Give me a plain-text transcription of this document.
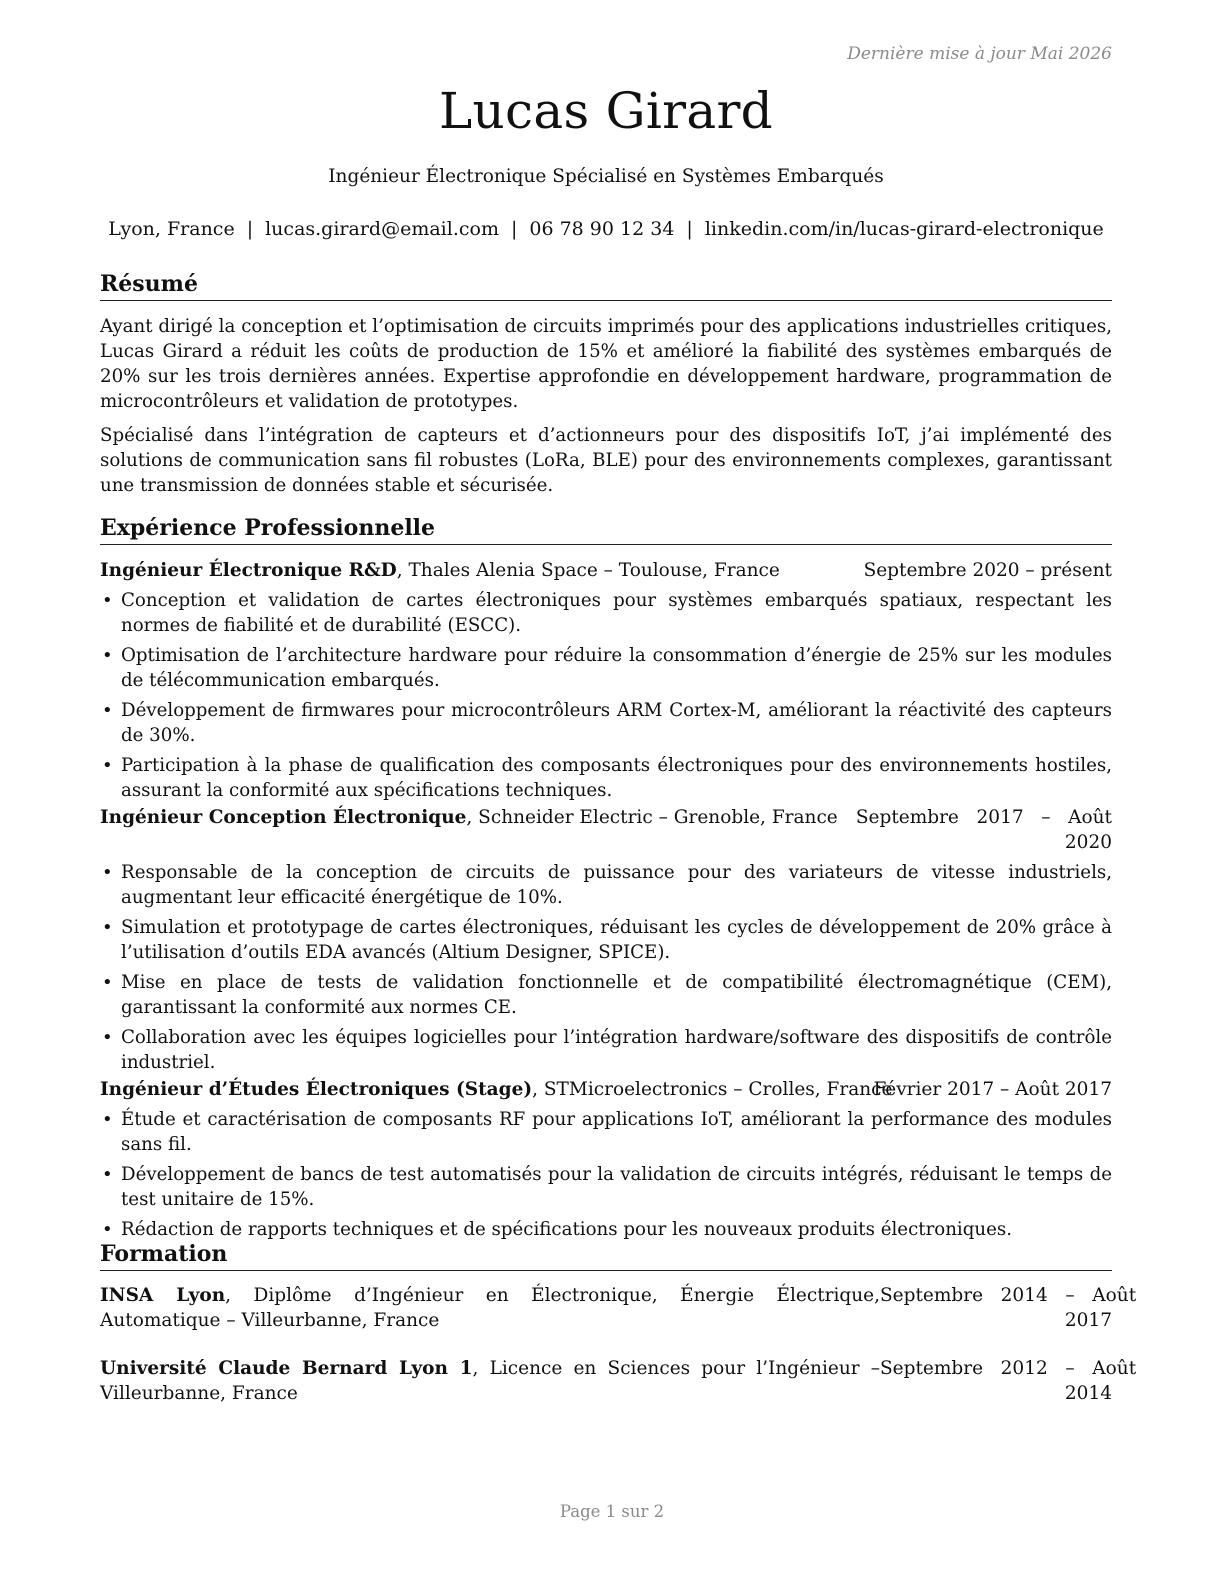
Dernière mise à jour Mai 2026
Lucas Girard
Ingénieur Électronique Spécialisé en Systèmes Embarqués
Lyon, France | lucas.girard@email.com | 06 78 90 12 34 | linkedin.com/in/lucas-girard-electronique
Résumé

Ayant dirigé la conception et l’optimisation de circuits imprimés pour des applications industrielles critiques, Lucas Girard a réduit les coûts de production de 15% et amélioré la fiabilité des systèmes embarqués de 20% sur les trois dernières années. Expertise approfondie en développement hardware, programmation de microcontrôleurs et validation de prototypes.

Spécialisé dans l’intégration de capteurs et d’actionneurs pour des dispositifs IoT, j’ai implémenté des solutions de communication sans fil robustes (LoRa, BLE) pour des environnements complexes, garantissant une transmission de données stable et sécurisée.

Expérience Professionnelle
Ingénieur Électronique R&D, Thales Alenia Space – Toulouse, France	Septembre 2020 – présent
• Conception et validation de cartes électroniques pour systèmes embarqués spatiaux, respectant les normes de fiabilité et de durabilité (ESCC).
• Optimisation de l’architecture hardware pour réduire la consommation d’énergie de 25% sur les modules de télécommunication embarqués.
• Développement de firmwares pour microcontrôleurs ARM Cortex-M, améliorant la réactivité des capteurs de 30%.
• Participation à la phase de qualification des composants électroniques pour des environnements hostiles, assurant la conformité aux spécifications techniques.
Ingénieur Conception Électronique, Schneider Electric – Grenoble, France Septembre   2017   –   Août
2020
• Responsable de la conception de circuits de puissance pour des variateurs de vitesse industriels, augmentant leur efficacité énergétique de 10%.
• Simulation et prototypage de cartes électroniques, réduisant les cycles de développement de 20% grâce à l’utilisation d’outils EDA avancés (Altium Designer, SPICE).
• Mise en place de tests de validation fonctionnelle et de compatibilité électromagnétique (CEM), garantissant la conformité aux normes CE.
• Collaboration avec les équipes logicielles pour l’intégration hardware/software des dispositifs de contrôle industriel.
Ingénieur d’Études Électroniques (Stage), STMicroelectronics – Crolles, France
Février 2017 – Août 2017
• Étude et caractérisation de composants RF pour applications IoT, améliorant la performance des modules sans fil.
• Développement de bancs de test automatisés pour la validation de circuits intégrés, réduisant le temps de test unitaire de 15%.
• Rédaction de rapports techniques et de spécifications pour les nouveaux produits électroniques.
Formation
INSA Lyon, Diplôme d’Ingénieur en Électronique, Énergie Électrique, Automatique – Villeurbanne, France
Septembre   2014   –   Août
2017
Université Claude Bernard Lyon 1, Licence en Sciences pour l’Ingénieur – Villeurbanne, France
Septembre   2012   –   Août
2014
Page 1 sur 2
